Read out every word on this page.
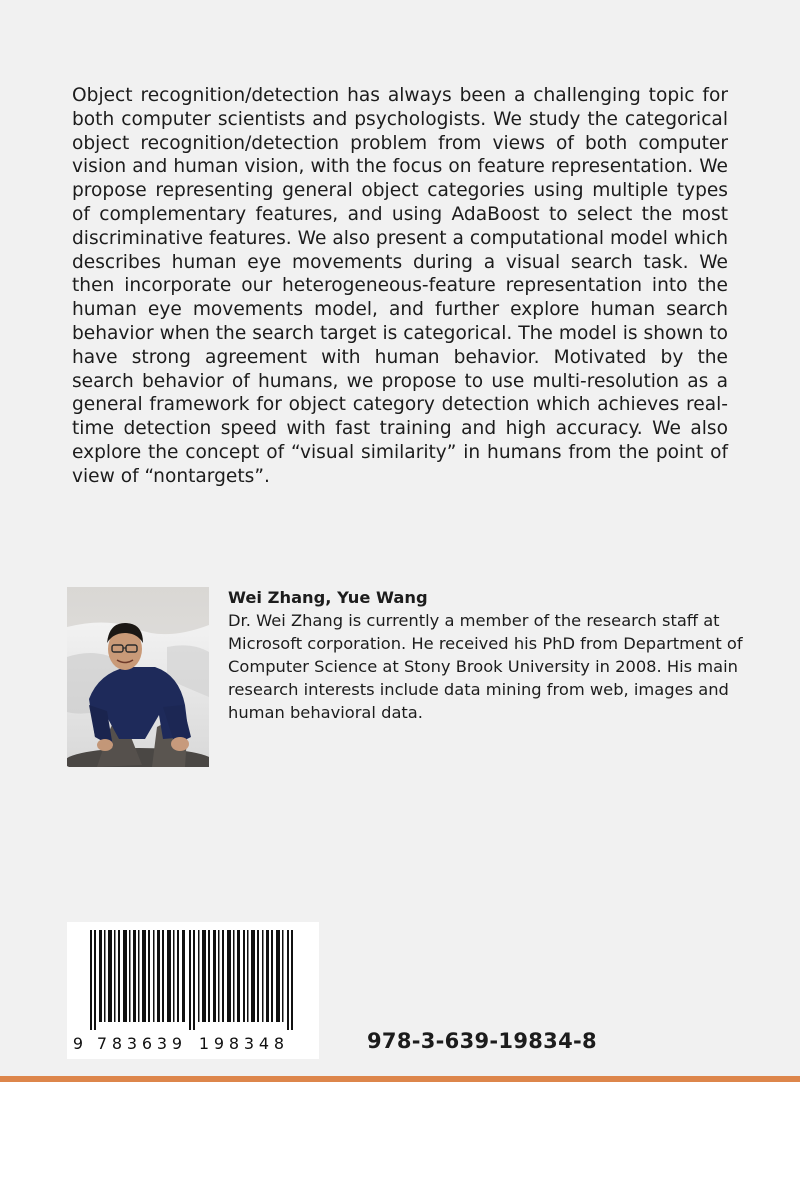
Object recognition/detection has always been a challenging topic for both computer scientists and psychologists. We study the categorical object recognition/detection problem from views of both computer vision and human vision, with the focus on feature representation. We propose representing general object categories using multiple types of complementary features, and using AdaBoost to select the most discriminative features. We also present a computational model which describes human eye movements during a visual search task. We then incorporate our heterogeneous-feature representation into the human eye movements model, and further explore human search behavior when the search target is categorical. The model is shown to have strong agreement with human behavior. Motivated by the search behavior of humans, we propose to use multi-resolution as a general framework for object category detection which achieves real-time detection speed with fast training and high accuracy. We also explore the concept of “visual similarity” in humans from the point of view of “nontargets”.

Wei Zhang, Yue Wang

Dr. Wei Zhang is currently a member of the research staff at Microsoft corporation. He received his PhD from Department of Computer Science at Stony Brook University in 2008. His main research interests include data mining from web, images and human behavioral data.

9 7 8 3 6 3 9 1 9 8 3 4 8	978-3-639-19834-8
